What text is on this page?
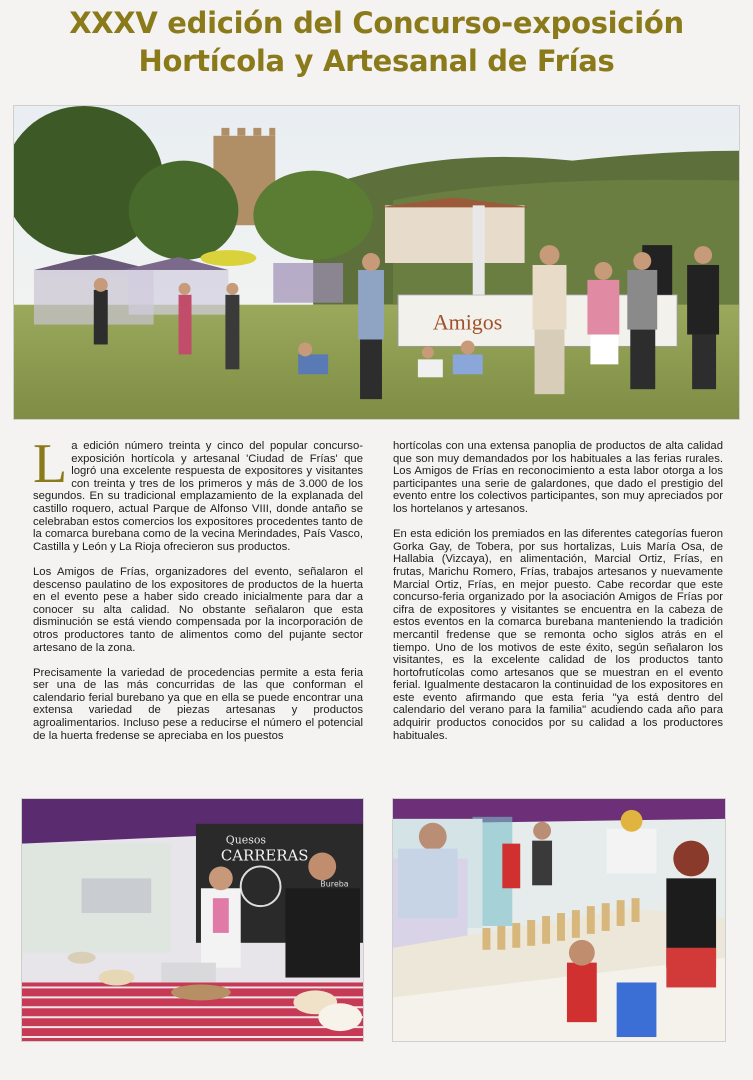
XXXV edición del Concurso-exposición
Hortícola y Artesanal de Frías
Amigos

La edición número treinta y cinco del popular concurso-exposición hortícola y artesanal 'Ciudad de Frías' que logró una excelente respuesta de expositores y visitantes con treinta y tres de los primeros y más de 3.000 de los segundos. En su tradicional emplazamiento de la explanada del castillo roquero, actual Parque de Alfonso VIII, donde antaño se celebraban estos comercios los expositores procedentes tanto de la comarca burebana como de la vecina Merindades, País Vasco, Castilla y León y La Rioja ofrecieron sus productos.

Los Amigos de Frías, organizadores del evento, señalaron el descenso paulatino de los expositores de productos de la huerta en el evento pese a haber sido creado inicialmente para dar a conocer su alta calidad. No obstante señalaron que esta disminución se está viendo compensada por la incorporación de otros productores tanto de alimentos como del pujante sector artesano de la zona.

Precisamente la variedad de procedencias permite a esta feria ser una de las más concurridas de las que conforman el calendario ferial burebano ya que en ella se puede encontrar una extensa variedad de piezas artesanas y productos agroalimentarios. Incluso pese a reducirse el número el potencial de la huerta fredense se apreciaba en los puestos

hortícolas con una extensa panoplia de productos de alta calidad que son muy demandados por los habituales a las ferias rurales. Los Amigos de Frías en reconocimiento a esta labor otorga a los participantes una serie de galardones, que dado el prestigio del evento entre los colectivos participantes, son muy apreciados por los hortelanos y artesanos.

En esta edición los premiados en las diferentes categorías fueron Gorka Gay, de Tobera, por sus hortalizas, Luis María Osa, de Hallabia (Vizcaya), en alimentación, Marcial Ortiz, Frías, en frutas, Marichu Romero, Frías, trabajos artesanos y nuevamente Marcial Ortiz, Frías, en mejor puesto. Cabe recordar que este concurso-feria organizado por la asociación Amigos de Frías por cifra de expositores y visitantes se encuentra en la cabeza de estos eventos en la comarca burebana manteniendo la tradición mercantil fredense que se remonta ocho siglos atrás en el tiempo. Uno de los motivos de este éxito, según señalaron los visitantes, es la excelente calidad de los productos tanto hortofrutícolas como artesanos que se muestran en el evento ferial. Igualmente destacaron la continuidad de los expositores en este evento afirmando que esta feria "ya está dentro del calendario del verano para la familia" acudiendo cada año para adquirir productos conocidos por su calidad a los productores habituales.

Quesos
CARRERAS
Bureba
